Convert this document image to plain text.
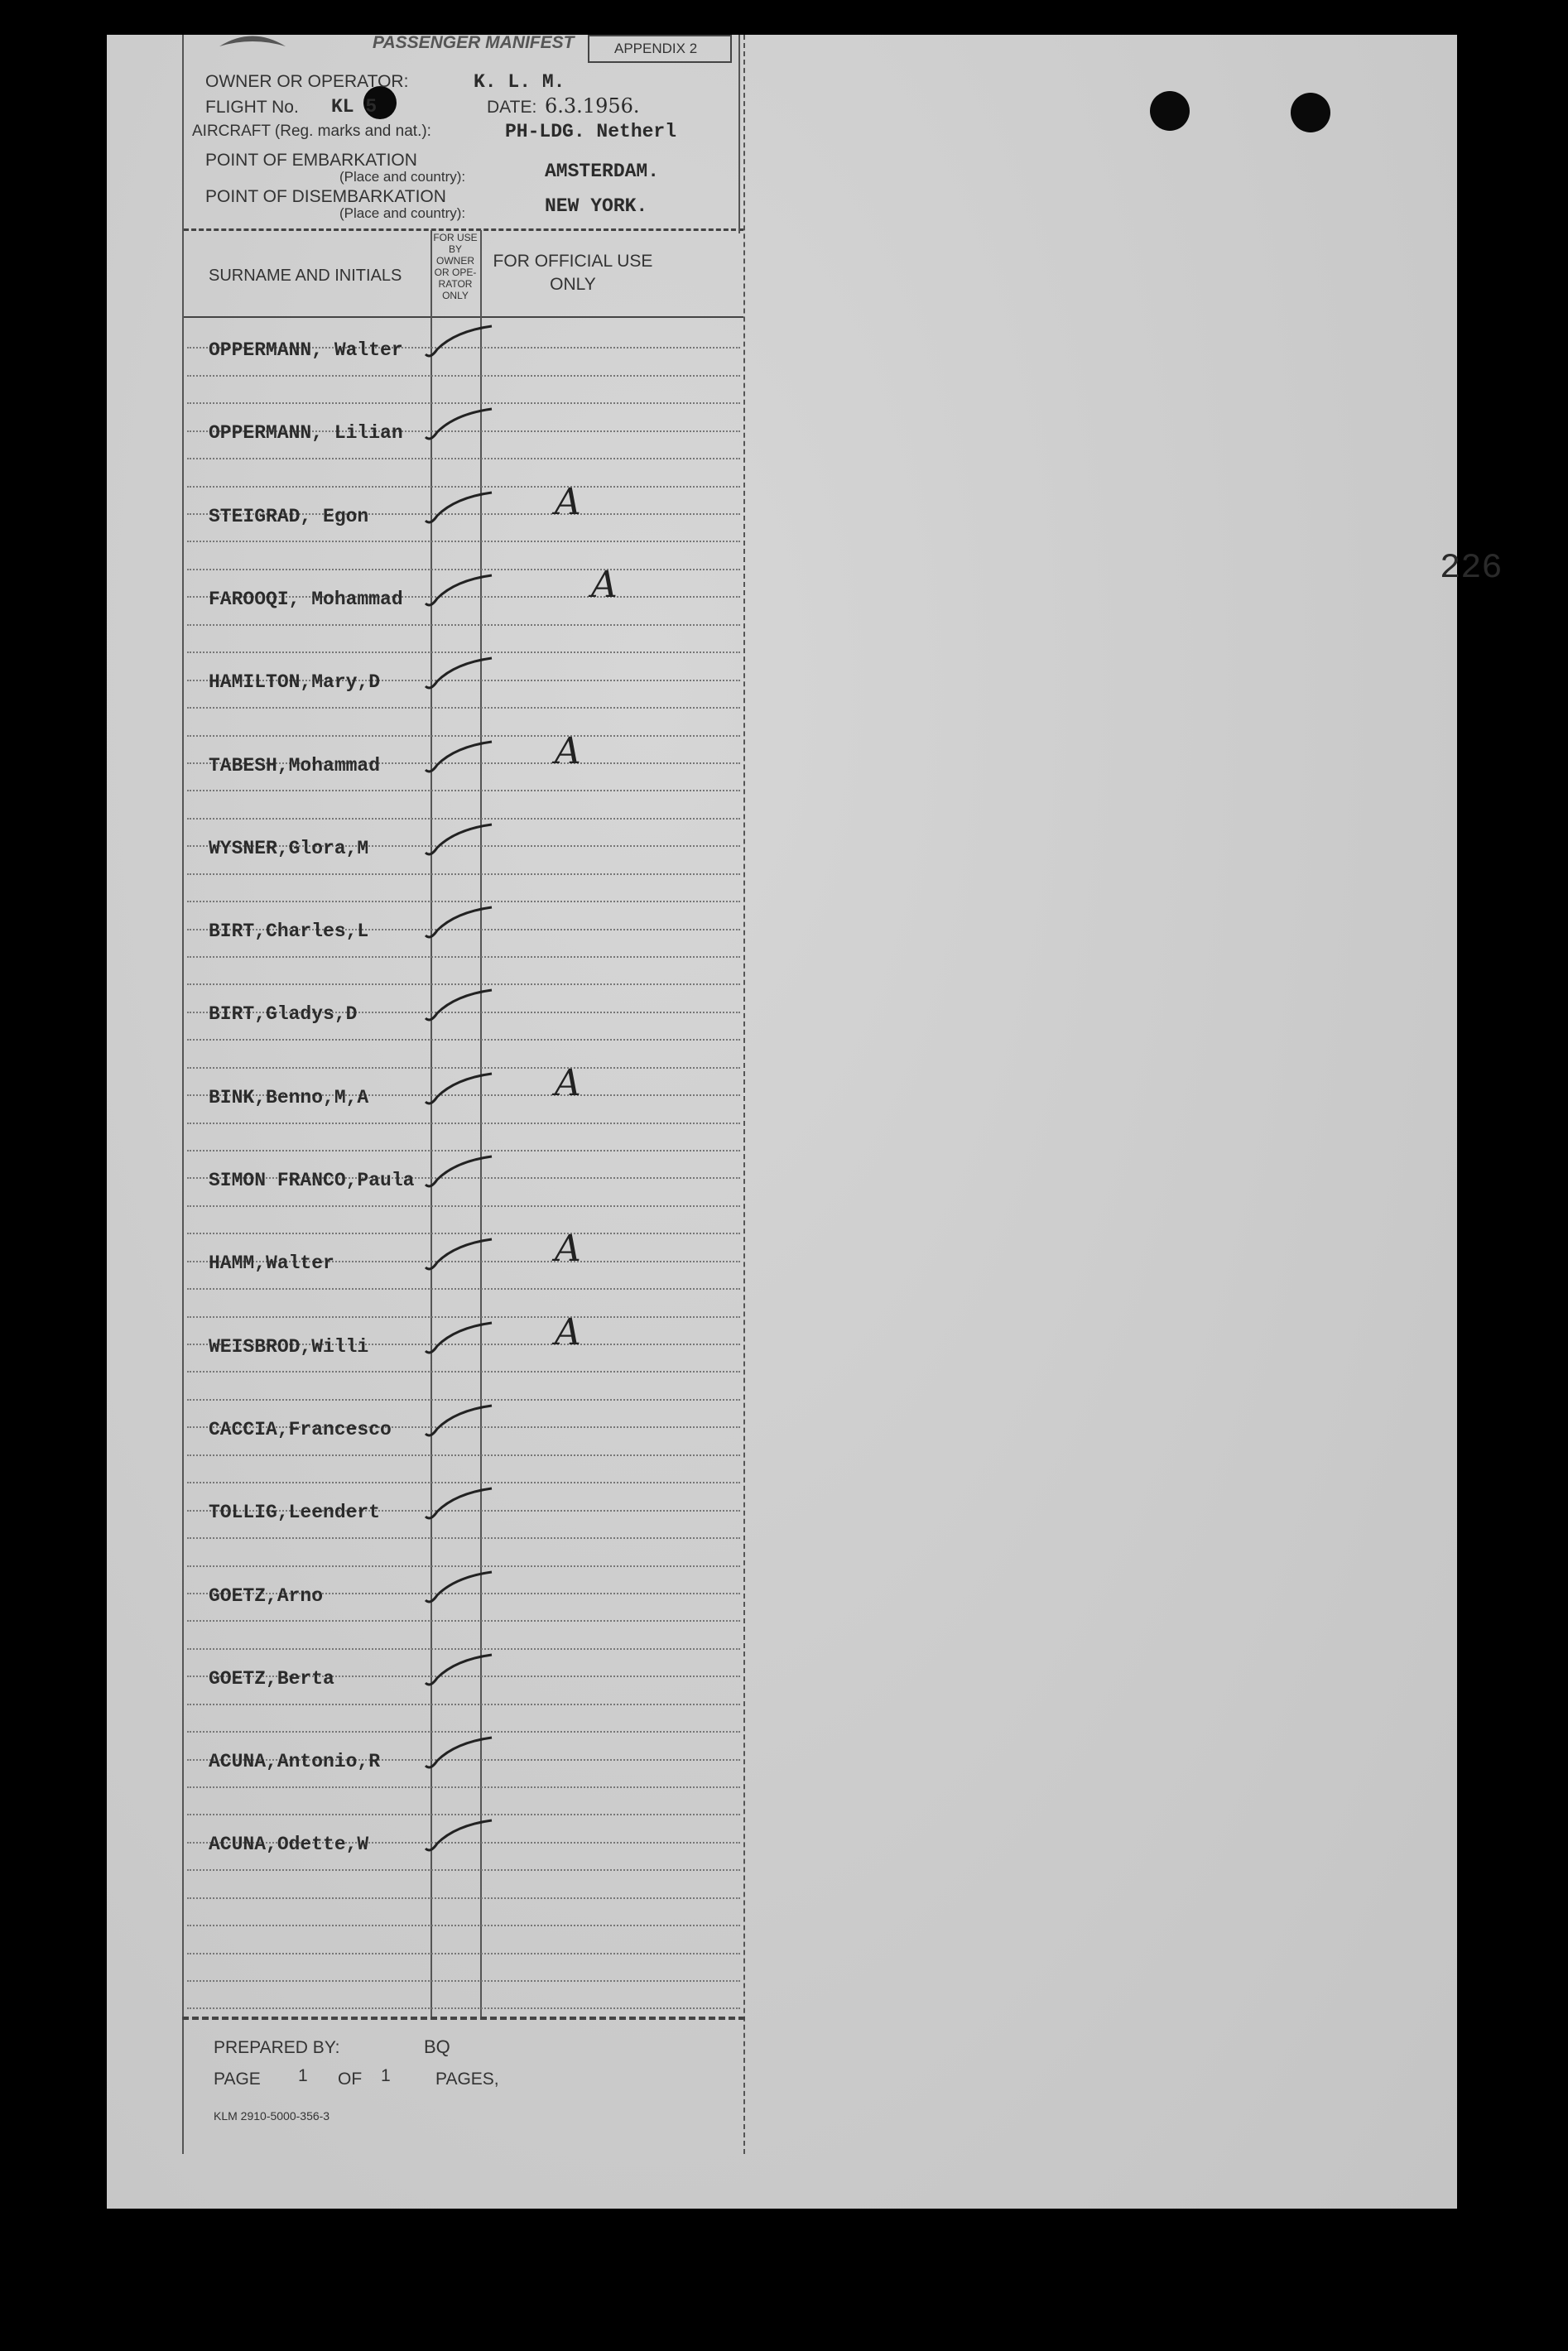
226
PASSENGER MANIFEST	APPENDIX 2
OWNER OR OPERATOR:	K. L. M.
FLIGHT No. KL 5	DATE: 6.3.1956.
AIRCRAFT (Reg. marks and nat.):	PH-LDG. Netherl
POINT OF EMBARKATION
(Place and country):	AMSTERDAM.
POINT OF DISEMBARKATION
(Place and country):	NEW YORK.
SURNAME AND INITIALS
FOR USE
BY
OWNER
OR OPE-
RATOR
ONLY
FOR OFFICIAL USE
ONLY
OPPERMANN, Walter
OPPERMANN, Lilian
STEIGRAD, Egon	A
FAROOQI, Mohammad	A
HAMILTON,Mary,D
TABESH,Mohammad	A
WYSNER,Glora,M
BIRT,Charles,L
BIRT,Gladys,D
BINK,Benno,M,A	A
SIMON FRANCO,Paula
HAMM,Walter	A
WEISBROD,Willi	A
CACCIA,Francesco
TOLLIG,Leendert
GOETZ,Arno
GOETZ,Berta
ACUNA,Antonio,R
ACUNA,Odette,W
PREPARED BY:	BQ
PAGE 1 OF 1	PAGES,
KLM 2910-5000-356-3
